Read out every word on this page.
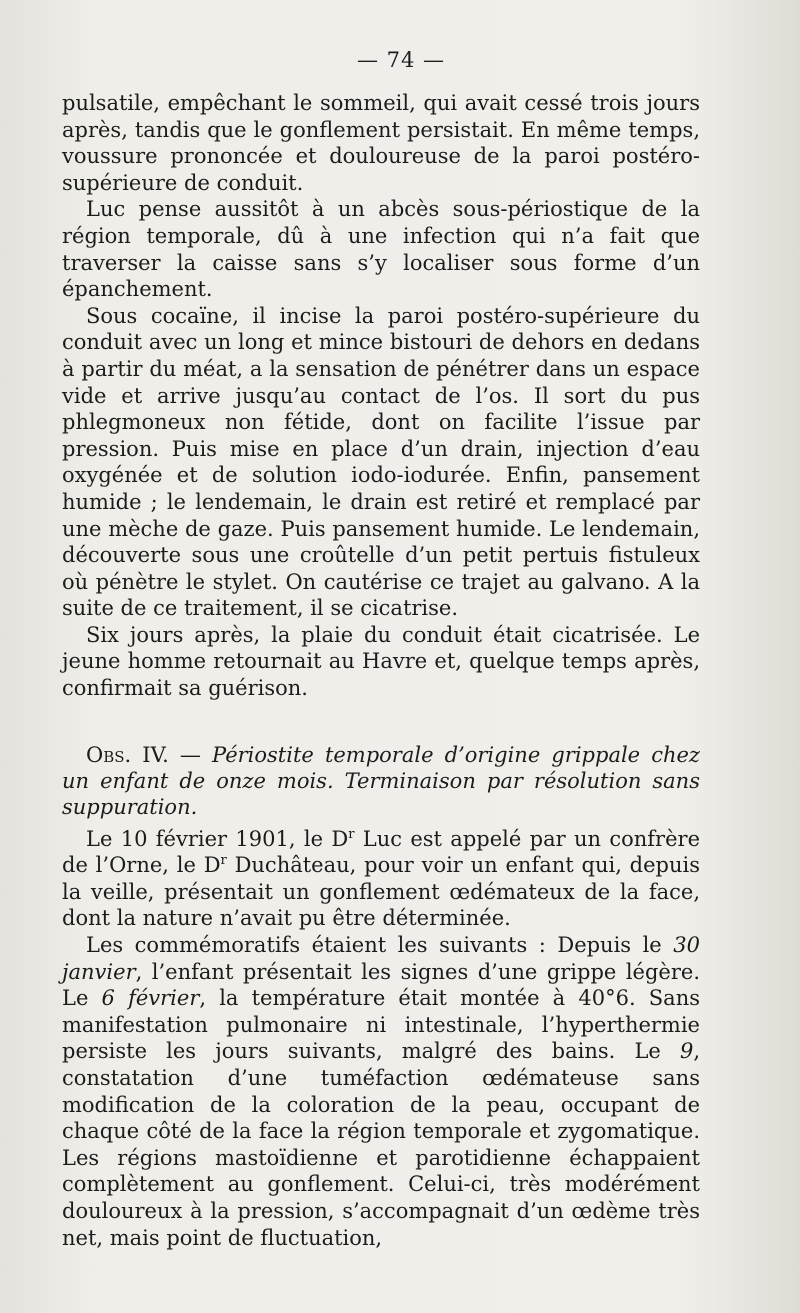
— 74 —

pulsatile, empêchant le sommeil, qui avait cessé trois jours après, tandis que le gonflement persistait. En même temps, voussure prononcée et douloureuse de la paroi postéro-supérieure de conduit.

Luc pense aussitôt à un abcès sous-périostique de la région temporale, dû à une infection qui n’a fait que traverser la caisse sans s’y localiser sous forme d’un épanchement.

Sous cocaïne, il incise la paroi postéro-supérieure du conduit avec un long et mince bistouri de dehors en dedans à partir du méat, a la sensation de pénétrer dans un espace vide et arrive jusqu’au contact de l’os. Il sort du pus phlegmoneux non fétide, dont on facilite l’issue par pression. Puis mise en place d’un drain, injection d’eau oxygénée et de solution iodo-iodurée. Enfin, pansement humide ; le lendemain, le drain est retiré et remplacé par une mèche de gaze. Puis pansement humide. Le lendemain, découverte sous une croûtelle d’un petit pertuis fistuleux où pénètre le stylet. On cautérise ce trajet au galvano. A la suite de ce traitement, il se cicatrise.

Six jours après, la plaie du conduit était cicatrisée. Le jeune homme retournait au Havre et, quelque temps après, confirmait sa guérison.

Obs. IV. — Périostite temporale d’origine grippale chez un enfant de onze mois. Terminaison par résolution sans suppuration.

Le 10 février 1901, le $D^r$ Luc est appelé par un confrère de l’Orne, le $D^r$ Duchâteau, pour voir un enfant qui, depuis la veille, présentait un gonflement œdémateux de la face, dont la nature n’avait pu être déterminée.

Les commémoratifs étaient les suivants : Depuis le 30 janvier, l’enfant présentait les signes d’une grippe légère. Le 6 février, la température était montée à 40°6. Sans manifestation pulmonaire ni intestinale, l’hyperthermie persiste les jours suivants, malgré des bains. Le 9, constatation d’une tuméfaction œdémateuse sans modification de la coloration de la peau, occupant de chaque côté de la face la région temporale et zygomatique. Les régions mastoïdienne et parotidienne échappaient complètement au gonflement. Celui-ci, très modérément douloureux à la pression, s’accompagnait d’un œdème très net, mais point de fluctuation,
